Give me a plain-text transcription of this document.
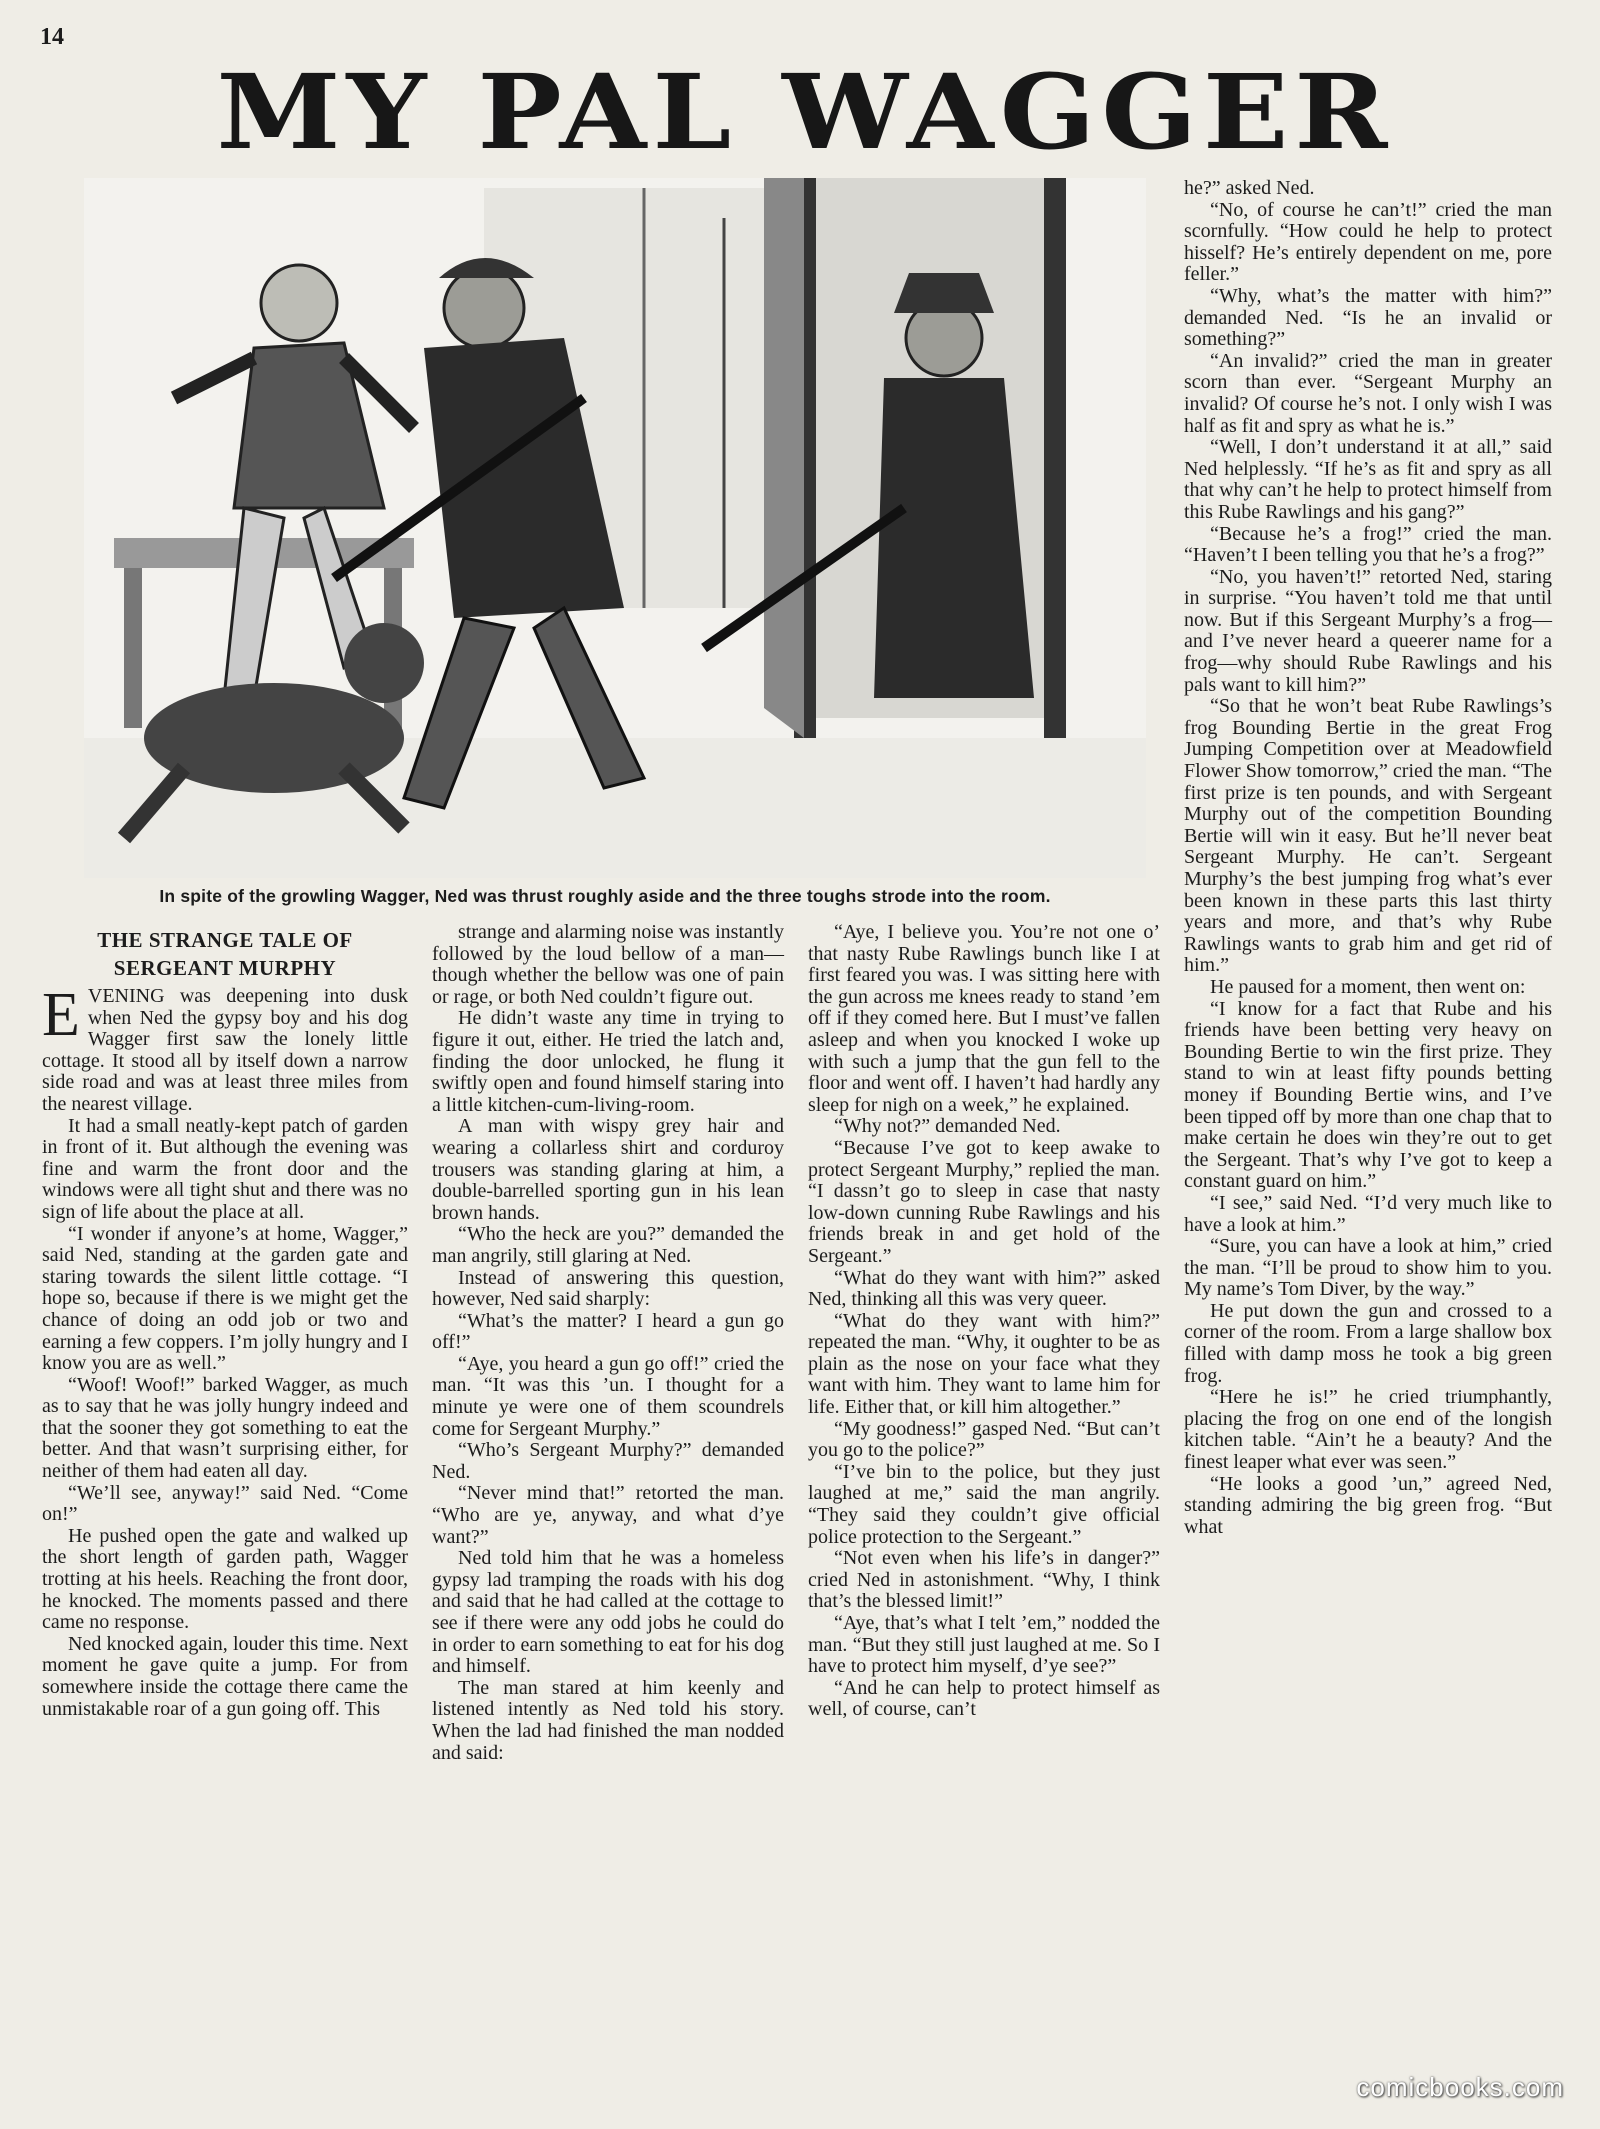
14
MY PAL WAGGER
In spite of the growling Wagger, Ned was thrust roughly aside and the three toughs strode into the room.
THE STRANGE TALE OF
SERGEANT MURPHY

EVENING was deepening into dusk when Ned the gypsy boy and his dog Wagger first saw the lonely little cottage. It stood all by itself down a narrow side road and was at least three miles from the nearest village.

It had a small neatly-kept patch of garden in front of it. But although the evening was fine and warm the front door and the windows were all tight shut and there was no sign of life about the place at all.

“I wonder if anyone’s at home, Wagger,” said Ned, standing at the garden gate and staring towards the silent little cottage. “I hope so, because if there is we might get the chance of doing an odd job or two and earning a few coppers. I’m jolly hungry and I know you are as well.”

“Woof! Woof!” barked Wagger, as much as to say that he was jolly hungry indeed and that the sooner they got something to eat the better. And that wasn’t surprising either, for neither of them had eaten all day.

“We’ll see, anyway!” said Ned. “Come on!”

He pushed open the gate and walked up the short length of garden path, Wagger trotting at his heels. Reaching the front door, he knocked. The moments passed and there came no response.

Ned knocked again, louder this time. Next moment he gave quite a jump. For from somewhere inside the cottage there came the unmistakable roar of a gun going off. This

strange and alarming noise was instantly followed by the loud bellow of a man—though whether the bellow was one of pain or rage, or both Ned couldn’t figure out.

He didn’t waste any time in trying to figure it out, either. He tried the latch and, finding the door unlocked, he flung it swiftly open and found himself staring into a little kitchen-cum-living-room.

A man with wispy grey hair and wearing a collarless shirt and corduroy trousers was standing glaring at him, a double-barrelled sporting gun in his lean brown hands.

“Who the heck are you?” demanded the man angrily, still glaring at Ned.

Instead of answering this question, however, Ned said sharply:

“What’s the matter? I heard a gun go off!”

“Aye, you heard a gun go off!” cried the man. “It was this ’un. I thought for a minute ye were one of them scoundrels come for Sergeant Murphy.”

“Who’s Sergeant Murphy?” demanded Ned.

“Never mind that!” retorted the man. “Who are ye, anyway, and what d’ye want?”

Ned told him that he was a homeless gypsy lad tramping the roads with his dog and said that he had called at the cottage to see if there were any odd jobs he could do in order to earn something to eat for his dog and himself.

The man stared at him keenly and listened intently as Ned told his story. When the lad had finished the man nodded and said:

“Aye, I believe you. You’re not one o’ that nasty Rube Rawlings bunch like I at first feared you was. I was sitting here with the gun across me knees ready to stand ’em off if they comed here. But I must’ve fallen asleep and when you knocked I woke up with such a jump that the gun fell to the floor and went off. I haven’t had hardly any sleep for nigh on a week,” he explained.

“Why not?” demanded Ned.

“Because I’ve got to keep awake to protect Sergeant Murphy,” replied the man. “I dassn’t go to sleep in case that nasty low-down cunning Rube Rawlings and his friends break in and get hold of the Sergeant.”

“What do they want with him?” asked Ned, thinking all this was very queer.

“What do they want with him?” repeated the man. “Why, it oughter to be as plain as the nose on your face what they want with him. They want to lame him for life. Either that, or kill him altogether.”

“My goodness!” gasped Ned. “But can’t you go to the police?”

“I’ve bin to the police, but they just laughed at me,” said the man angrily. “They said they couldn’t give official police protection to the Sergeant.”

“Not even when his life’s in danger?” cried Ned in astonishment. “Why, I think that’s the blessed limit!”

“Aye, that’s what I telt ’em,” nodded the man. “But they still just laughed at me. So I have to protect him myself, d’ye see?”

“And he can help to protect himself as well, of course, can’t

he?” asked Ned.

“No, of course he can’t!” cried the man scornfully. “How could he help to protect hisself? He’s entirely dependent on me, pore feller.”

“Why, what’s the matter with him?” demanded Ned. “Is he an invalid or something?”

“An invalid?” cried the man in greater scorn than ever. “Sergeant Murphy an invalid? Of course he’s not. I only wish I was half as fit and spry as what he is.”

“Well, I don’t understand it at all,” said Ned helplessly. “If he’s as fit and spry as all that why can’t he help to protect himself from this Rube Rawlings and his gang?”

“Because he’s a frog!” cried the man. “Haven’t I been telling you that he’s a frog?”

“No, you haven’t!” retorted Ned, staring in surprise. “You haven’t told me that until now. But if this Sergeant Murphy’s a frog—and I’ve never heard a queerer name for a frog—why should Rube Rawlings and his pals want to kill him?”

“So that he won’t beat Rube Rawlings’s frog Bounding Bertie in the great Frog Jumping Competition over at Meadowfield Flower Show tomorrow,” cried the man. “The first prize is ten pounds, and with Sergeant Murphy out of the competition Bounding Bertie will win it easy. But he’ll never beat Sergeant Murphy. He can’t. Sergeant Murphy’s the best jumping frog what’s ever been known in these parts this last thirty years and more, and that’s why Rube Rawlings wants to grab him and get rid of him.”

He paused for a moment, then went on:

“I know for a fact that Rube and his friends have been betting very heavy on Bounding Bertie to win the first prize. They stand to win at least fifty pounds betting money if Bounding Bertie wins, and I’ve been tipped off by more than one chap that to make certain he does win they’re out to get the Sergeant. That’s why I’ve got to keep a constant guard on him.”

“I see,” said Ned. “I’d very much like to have a look at him.”

“Sure, you can have a look at him,” cried the man. “I’ll be proud to show him to you. My name’s Tom Diver, by the way.”

He put down the gun and crossed to a corner of the room. From a large shallow box filled with damp moss he took a big green frog.

“Here he is!” he cried triumphantly, placing the frog on one end of the longish kitchen table. “Ain’t he a beauty? And the finest leaper what ever was seen.”

“He looks a good ’un,” agreed Ned, standing admiring the big green frog. “But what

comicbooks.com
